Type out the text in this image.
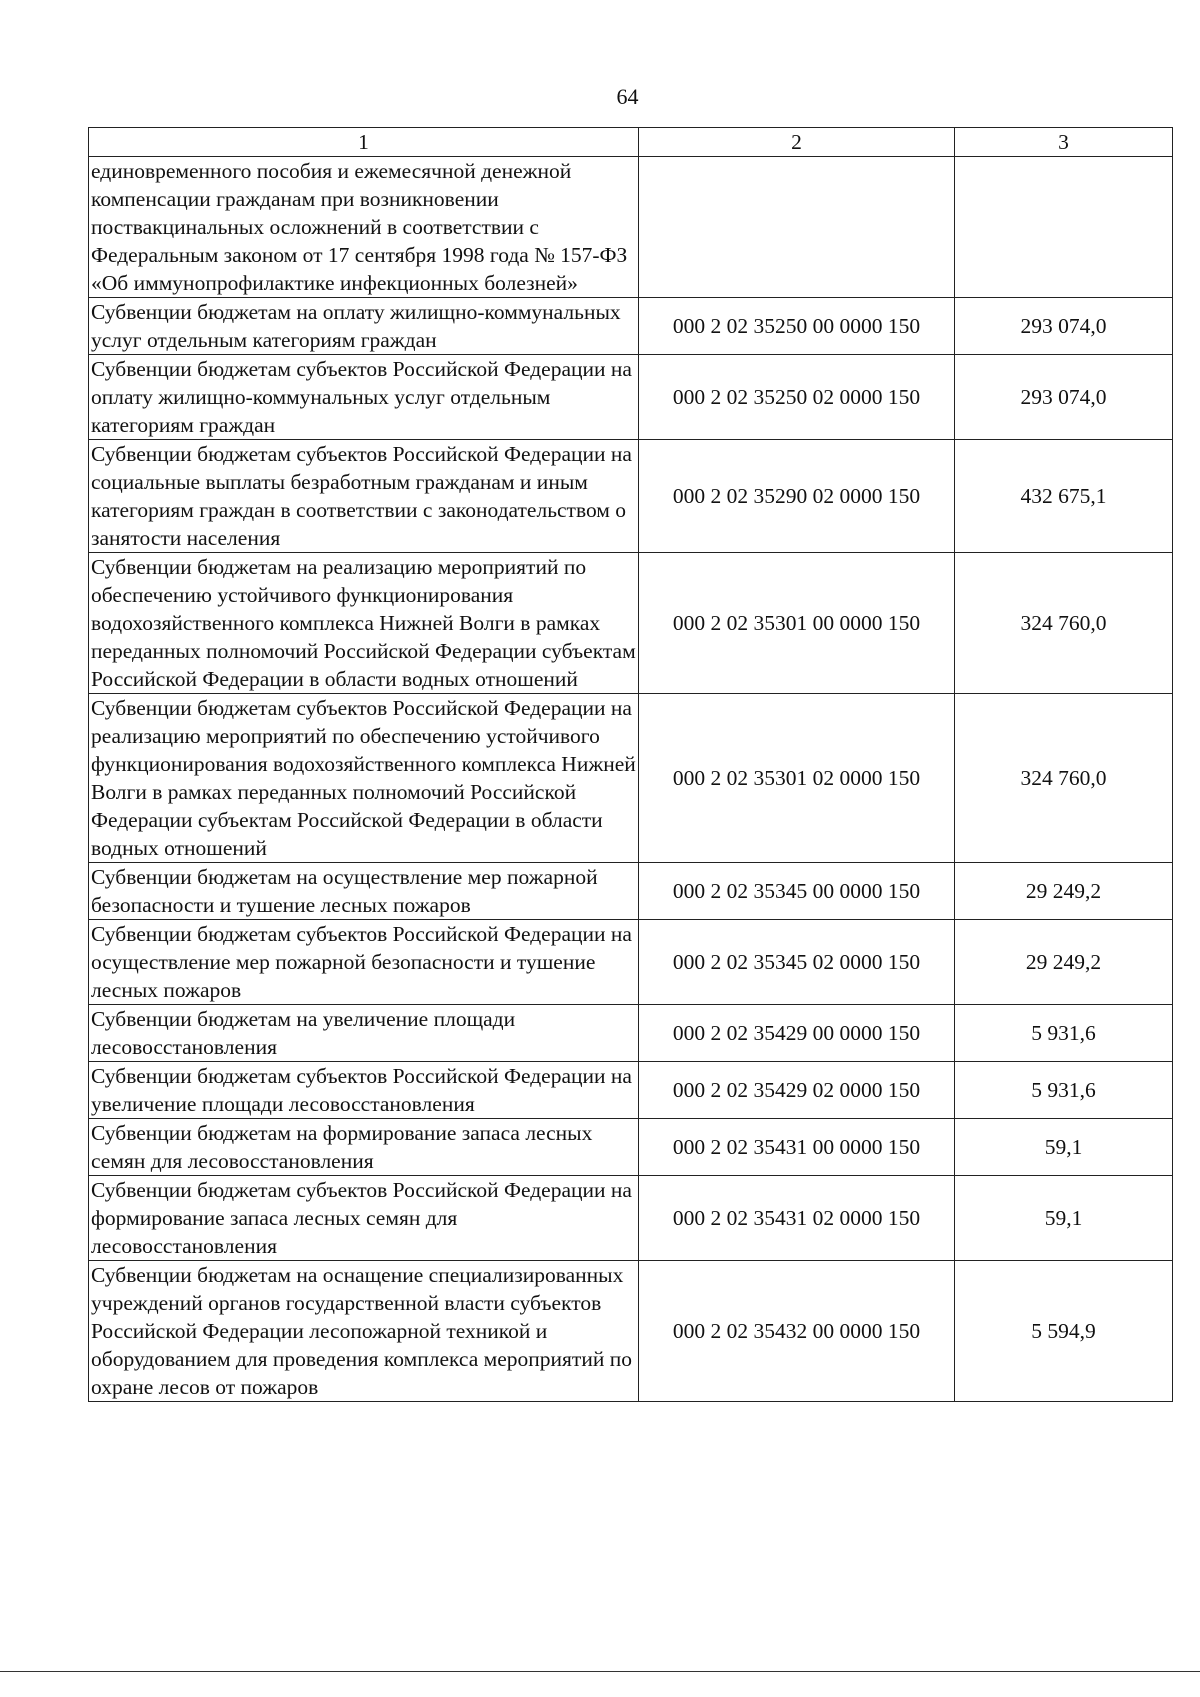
64
1	2	3
единовременного пособия и ежемесячной денежной компенсации гражданам при возникновении поствакцинальных осложнений в соответствии с Федеральным законом от 17 сентября 1998 года № 157-ФЗ «Об иммунопрофилактике инфекционных болезней»		
Субвенции бюджетам на оплату жилищно-коммунальных услуг отдельным категориям граждан	000 2 02 35250 00 0000 150	293 074,0
Субвенции бюджетам субъектов Российской Федерации на оплату жилищно-коммунальных услуг отдельным категориям граждан	000 2 02 35250 02 0000 150	293 074,0
Субвенции бюджетам субъектов Российской Федерации на социальные выплаты безработным гражданам и иным категориям граждан в соответствии с законодательством о занятости населения	000 2 02 35290 02 0000 150	432 675,1
Субвенции бюджетам на реализацию мероприятий по обеспечению устойчивого функционирования водохозяйственного комплекса Нижней Волги в рамках переданных полномочий Российской Федерации субъектам Российской Федерации в области водных отношений	000 2 02 35301 00 0000 150	324 760,0
Субвенции бюджетам субъектов Российской Федерации на реализацию мероприятий по обеспечению устойчивого функционирования водохозяйственного комплекса Нижней Волги в рамках переданных полномочий Российской Федерации субъектам Российской Федерации в области водных отношений	000 2 02 35301 02 0000 150	324 760,0
Субвенции бюджетам на осуществление мер пожарной безопасности и тушение лесных пожаров	000 2 02 35345 00 0000 150	29 249,2
Субвенции бюджетам субъектов Российской Федерации на осуществление мер пожарной безопасности и тушение лесных пожаров	000 2 02 35345 02 0000 150	29 249,2
Субвенции бюджетам на увеличение площади лесовосстановления	000 2 02 35429 00 0000 150	5 931,6
Субвенции бюджетам субъектов Российской Федерации на увеличение площади лесовосстановления	000 2 02 35429 02 0000 150	5 931,6
Субвенции бюджетам на формирование запаса лесных семян для лесовосстановления	000 2 02 35431 00 0000 150	59,1
Субвенции бюджетам субъектов Российской Федерации на формирование запаса лесных семян для лесовосстановления	000 2 02 35431 02 0000 150	59,1
Субвенции бюджетам на оснащение специализированных учреждений органов государственной власти субъектов Российской Федерации лесопожарной техникой и оборудованием для проведения комплекса мероприятий по охране лесов от пожаров	000 2 02 35432 00 0000 150	5 594,9
